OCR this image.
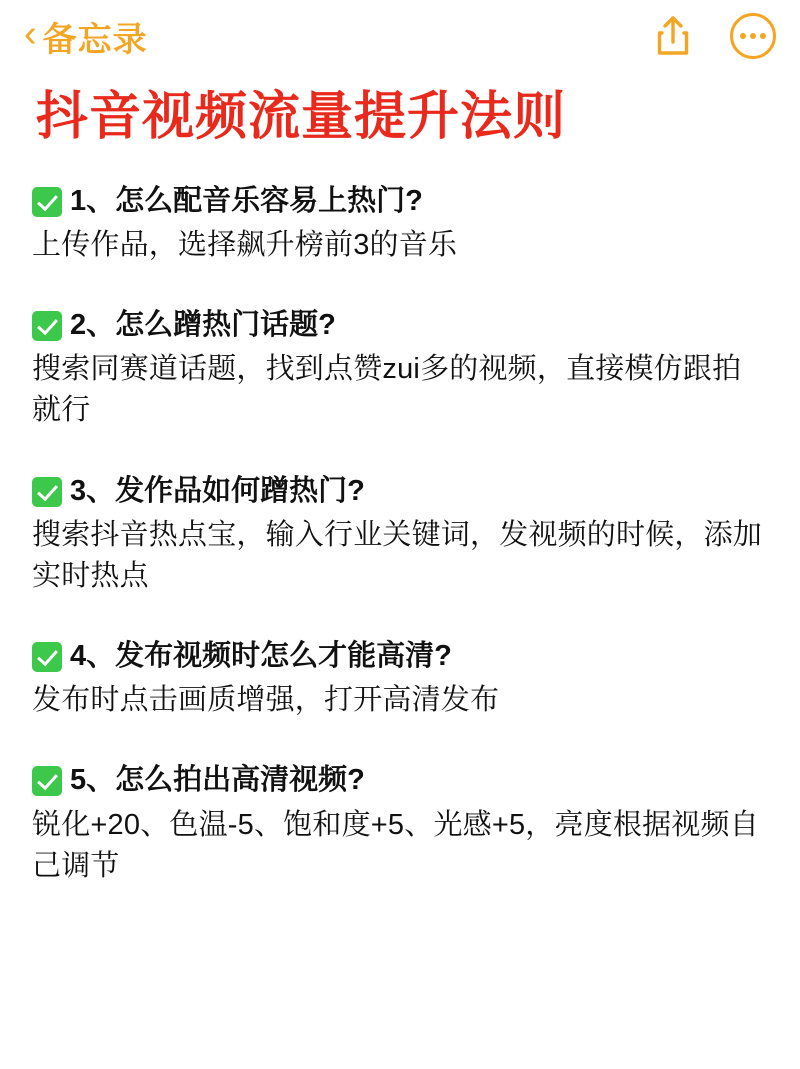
‹ 备忘录
抖音视频流量提升法则
1、怎么配音乐容易上热门?
上传作品，选择飙升榜前3的音乐
2、怎么蹭热门话题?
搜索同赛道话题，找到点赞zui多的视频，直接模仿跟拍就行
3、发作品如何蹭热门?
搜索抖音热点宝，输入行业关键词，发视频的时候，添加实时热点
4、发布视频时怎么才能高清?
发布时点击画质增强，打开高清发布
5、怎么拍出高清视频?
锐化+20、色温-5、饱和度+5、光感+5，亮度根据视频自己调节
